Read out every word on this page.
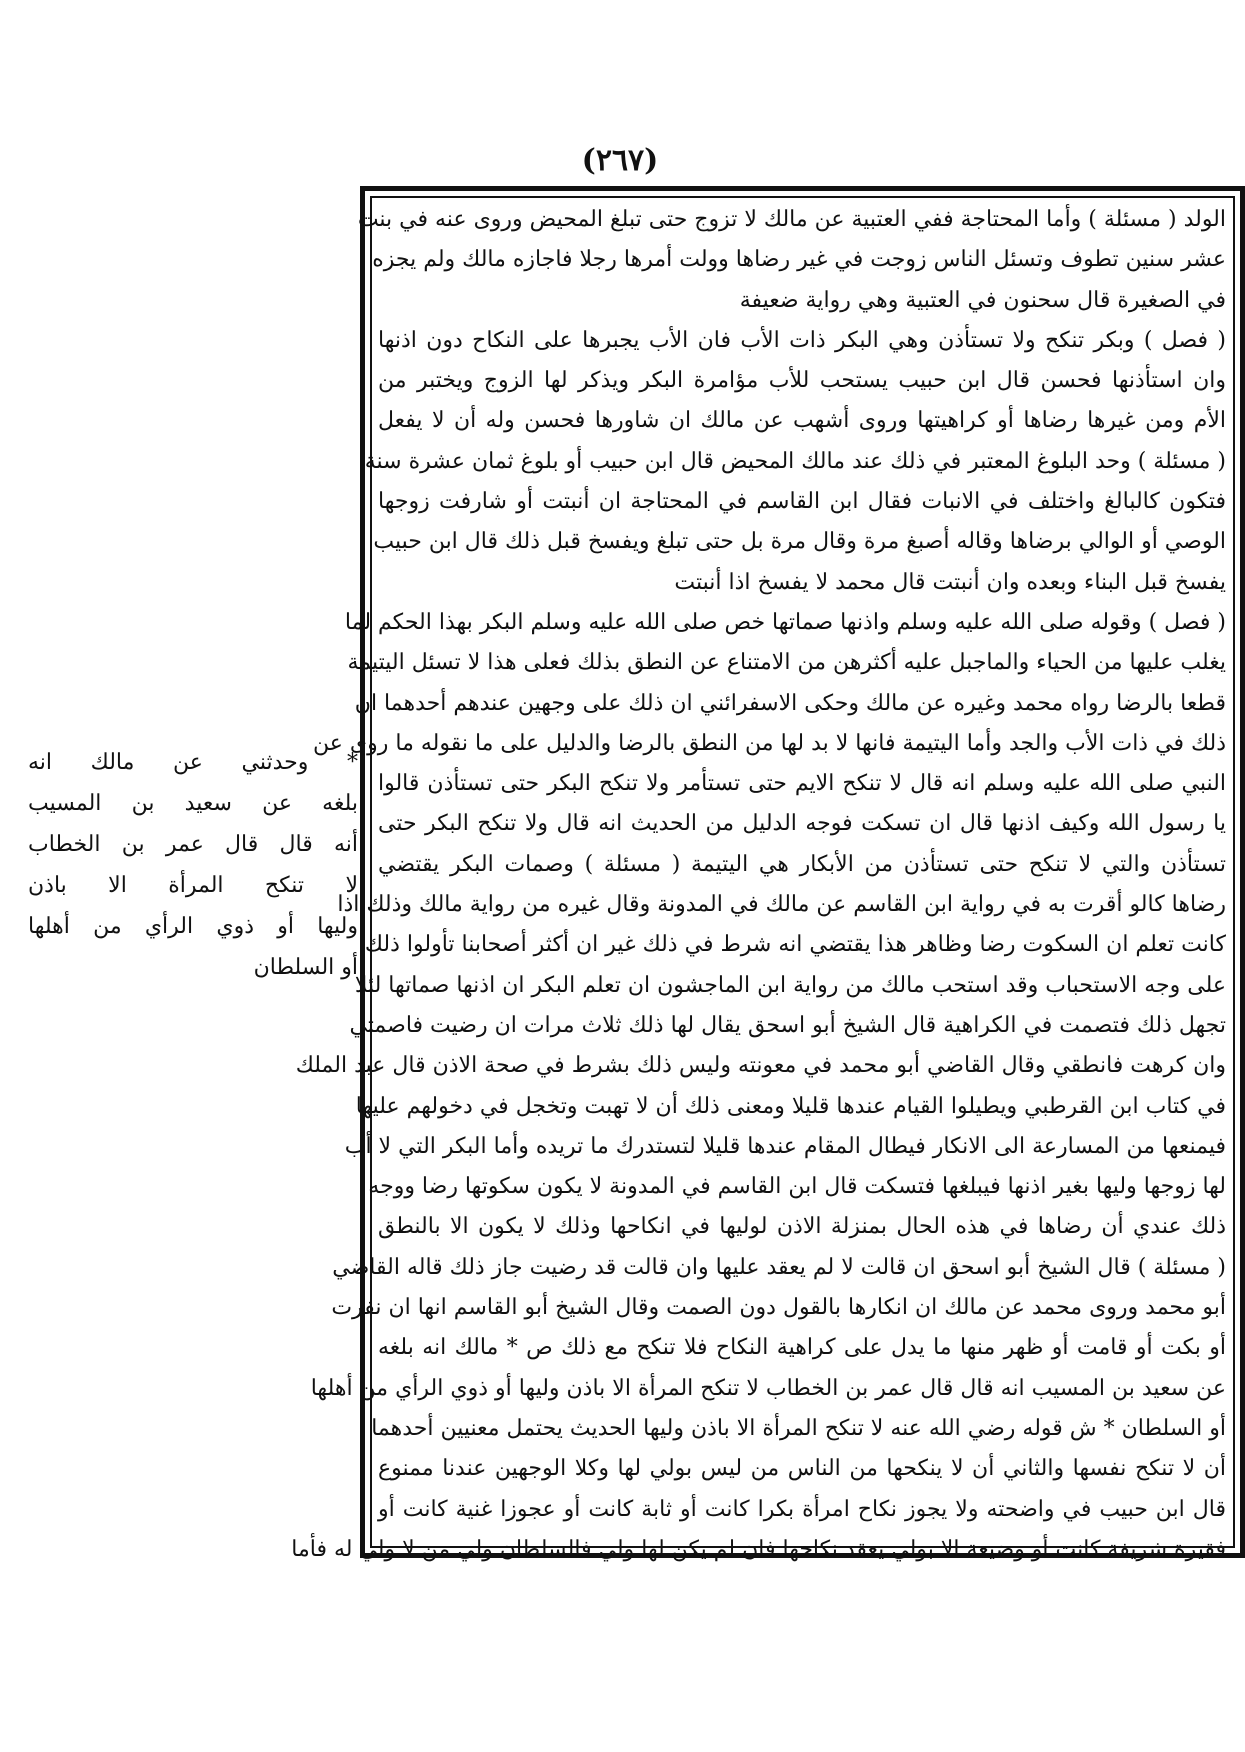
(٢٦٧)
الولد ( مسئلة ) وأما المحتاجة ففي العتبية عن مالك لا تزوج حتى تبلغ المحيض وروى عنه في بنت
عشر سنين تطوف وتسئل الناس زوجت في غير رضاها وولت أمرها رجلا فاجازه مالك ولم يجزه
في الصغيرة قال سحنون في العتبية وهي رواية ضعيفة
( فصل ) وبكر تنكح ولا تستأذن وهي البكر ذات الأب فان الأب يجبرها على النكاح دون اذنها
وان استأذنها فحسن قال ابن حبيب يستحب للأب مؤامرة البكر ويذكر لها الزوج ويختبر من
الأم ومن غيرها رضاها أو كراهيتها وروى أشهب عن مالك ان شاورها فحسن وله أن لا يفعل
( مسئلة ) وحد البلوغ المعتبر في ذلك عند مالك المحيض قال ابن حبيب أو بلوغ ثمان عشرة سنة
فتكون كالبالغ واختلف في الانبات فقال ابن القاسم في المحتاجة ان أنبتت أو شارفت زوجها
الوصي أو الوالي برضاها وقاله أصبغ مرة وقال مرة بل حتى تبلغ ويفسخ قبل ذلك قال ابن حبيب
يفسخ قبل البناء وبعده وان أنبتت قال محمد لا يفسخ اذا أنبتت
( فصل ) وقوله صلى الله عليه وسلم واذنها صماتها خص صلى الله عليه وسلم البكر بهذا الحكم لما
يغلب عليها من الحياء والماجبل عليه أكثرهن من الامتناع عن النطق بذلك فعلى هذا لا تسئل اليتيمة
قطعا بالرضا رواه محمد وغيره عن مالك وحكى الاسفرائني ان ذلك على وجهين عندهم أحدهما ان
ذلك في ذات الأب والجد وأما اليتيمة فانها لا بد لها من النطق بالرضا والدليل على ما نقوله ما روى عن
النبي صلى الله عليه وسلم انه قال لا تنكح الايم حتى تستأمر ولا تنكح البكر حتى تستأذن قالوا
يا رسول الله وكيف اذنها قال ان تسكت فوجه الدليل من الحديث انه قال ولا تنكح البكر حتى
تستأذن والتي لا تنكح حتى تستأذن من الأبكار هي اليتيمة ( مسئلة ) وصمات البكر يقتضي
رضاها كالو أقرت به في رواية ابن القاسم عن مالك في المدونة وقال غيره من رواية مالك وذلك اذا
كانت تعلم ان السكوت رضا وظاهر هذا يقتضي انه شرط في ذلك غير ان أكثر أصحابنا تأولوا ذلك
على وجه الاستحباب وقد استحب مالك من رواية ابن الماجشون ان تعلم البكر ان اذنها صماتها لئلا
تجهل ذلك فتصمت في الكراهية قال الشيخ أبو اسحق يقال لها ذلك ثلاث مرات ان رضيت فاصمتي
وان كرهت فانطقي وقال القاضي أبو محمد في معونته وليس ذلك بشرط في صحة الاذن قال عبد الملك
في كتاب ابن القرطبي ويطيلوا القيام عندها قليلا ومعنى ذلك أن لا تهبت وتخجل في دخولهم عليها
فيمنعها من المسارعة الى الانكار فيطال المقام عندها قليلا لتستدرك ما تريده وأما البكر التي لا أب
لها زوجها وليها بغير اذنها فيبلغها فتسكت قال ابن القاسم في المدونة لا يكون سكوتها رضا ووجه
ذلك عندي أن رضاها في هذه الحال بمنزلة الاذن لوليها في انكاحها وذلك لا يكون الا بالنطق
( مسئلة ) قال الشيخ أبو اسحق ان قالت لا لم يعقد عليها وان قالت قد رضيت جاز ذلك قاله القاضي
أبو محمد وروى محمد عن مالك ان انكارها بالقول دون الصمت وقال الشيخ أبو القاسم انها ان نفرت
أو بكت أو قامت أو ظهر منها ما يدل على كراهية النكاح فلا تنكح مع ذلك ص * مالك انه بلغه
عن سعيد بن المسيب انه قال قال عمر بن الخطاب لا تنكح المرأة الا باذن وليها أو ذوي الرأي من أهلها
أو السلطان * ش قوله رضي الله عنه لا تنكح المرأة الا باذن وليها الحديث يحتمل معنيين أحدهما
أن لا تنكح نفسها والثاني أن لا ينكحها من الناس من ليس بولي لها وكلا الوجهين عندنا ممنوع
قال ابن حبيب في واضحته ولا يجوز نكاح امرأة بكرا كانت أو ثابة كانت أو عجوزا غنية كانت أو
فقيرة شريفة كانت أو وضيعة الا بولي يعقد نكاحها فان لم يكن لها ولي فالسلطان ولي من لا ولي له فأما
* وحدثني عن مالك انه
بلغه عن سعيد بن المسيب
أنه قال قال عمر بن الخطاب
لا تنكح المرأة الا باذن
وليها أو ذوي الرأي من أهلها
أو السلطان
